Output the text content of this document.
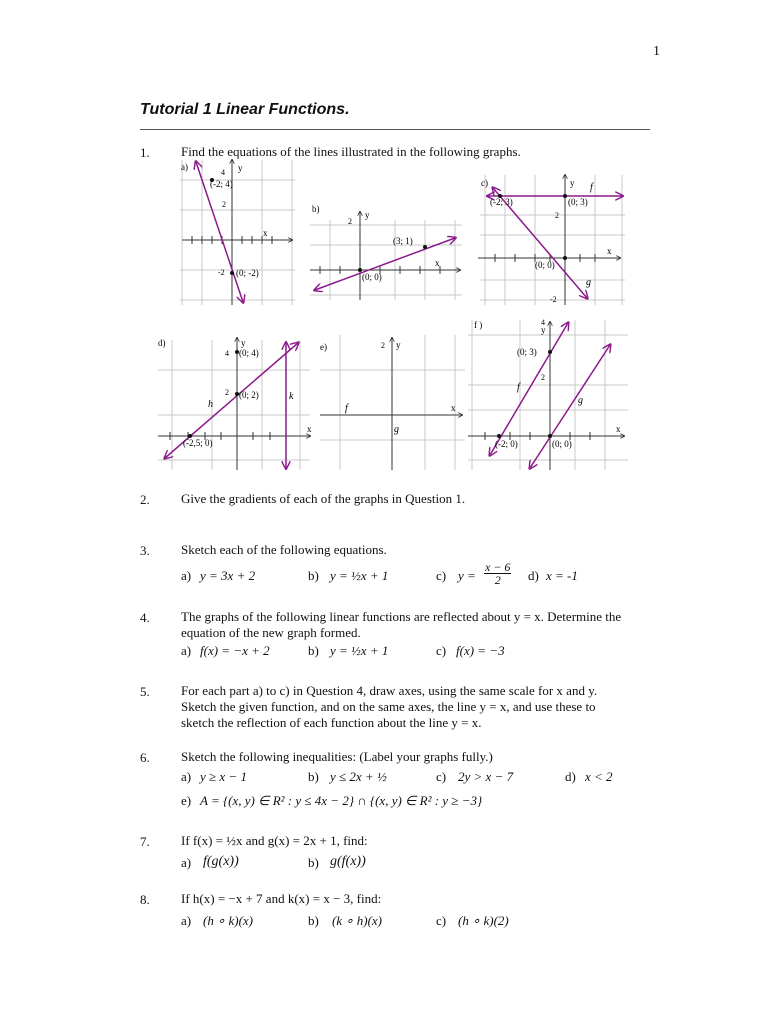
1
Tutorial 1 Linear Functions.
1. Find the equations of the lines illustrated in the following graphs.
a)	y
x
4
2
-2
(-2; 4)
(0; -2)
b)
y
x
2
(3; 1)
(0; 0)
c)	y
x
2
-2
(-2; 3)	(0; 3)
(0; 0)
f
g
d)	y
x
4
2
(0; 4)
(0; 2)
(-2,5; 0)
h
k
e)	y
x
2
f
g
f )	y
x
4
2
(0; 3)
(-2; 0)	(0; 0)
f
g
2. Give the gradients of each of the graphs in Question 1.
3. Sketch each of the following equations.
a) y = 3x + 2	b) y = ½x + 1	c) $y = \frac{x - 6}{2} d$) x = -1
4. The graphs of the following linear functions are reflected about y = x. Determine the
equation of the new graph formed.
a) f(x) = −x + 2	b) y = ½x + 1	c) f(x) = −3
5. For each part a) to c) in Question 4, draw axes, using the same scale for x and y.
Sketch the given function, and on the same axes, the line y = x, and use these to
sketch the reflection of each function about the line y = x.
6. Sketch the following inequalities: (Label your graphs fully.)
a) y ≥ x − 1	b) y ≤ 2x + ½	c) 2y > x − 7	d) x < 2
e) A = {(x, y) ∈ R² : y ≤ 4x − 2} ∩ {(x, y) ∈ R² : y ≥ −3}
7. If f(x) = ½x and g(x) = 2x + 1, find:
a) f(g(x))	b) g(f(x))
8. If h(x) = −x + 7 and k(x) = x − 3, find:
a) (h ∘ k)(x)	b) (k ∘ h)(x)	c) (h ∘ k)(2)
